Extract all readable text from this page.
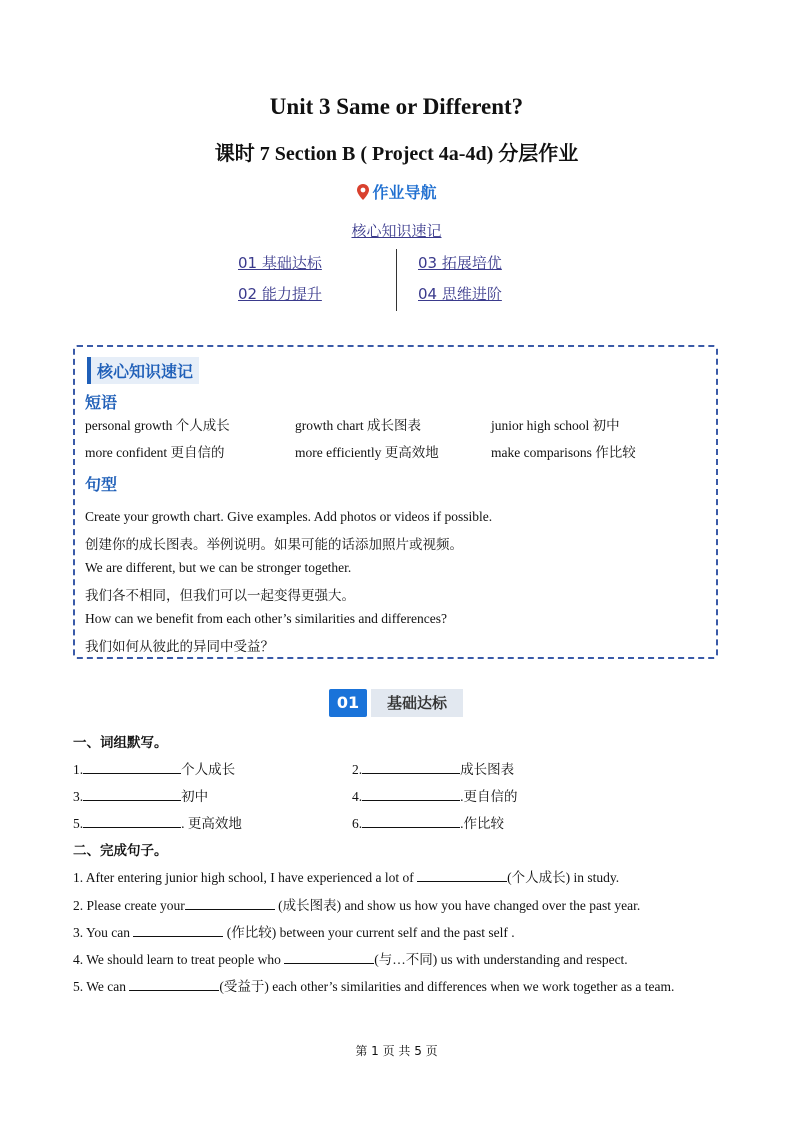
Unit 3 Same or Different?
课时 7 Section B ( Project 4a-4d) 分层作业
作业导航
核心知识速记
01 基础达标	03 拓展培优
02 能力提升	04 思维进阶
核心知识速记
短语
personal growth 个人成长	growth chart 成长图表	junior high school 初中
more confident 更自信的	more efficiently 更高效地	make comparisons 作比较
句型
Create your growth chart. Give examples. Add photos or videos if possible.
创建你的成长图表。举例说明。如果可能的话添加照片或视频。
We are different, but we can be stronger together.
我们各不相同，但我们可以一起变得更强大。
How can we benefit from each other’s similarities and differences?
我们如何从彼此的异同中受益？
01	基础达标
一、词组默写。
1.	个人成长	2.	成长图表
3.	初中	4.	.更自信的
5.	. 更高效地	6.	.作比较
二、完成句子。
1. After entering junior high school, I have experienced a lot of	(个人成长) in study.
2. Please create your	(成长图表) and show us how you have changed over the past year.
3. You can	(作比较) between your current self and the past self .
4. We should learn to treat people who	(与…不同) us with understanding and respect.
5. We can	(受益于) each other’s similarities and differences when we work together as a team.
第 1 页 共 5 页
